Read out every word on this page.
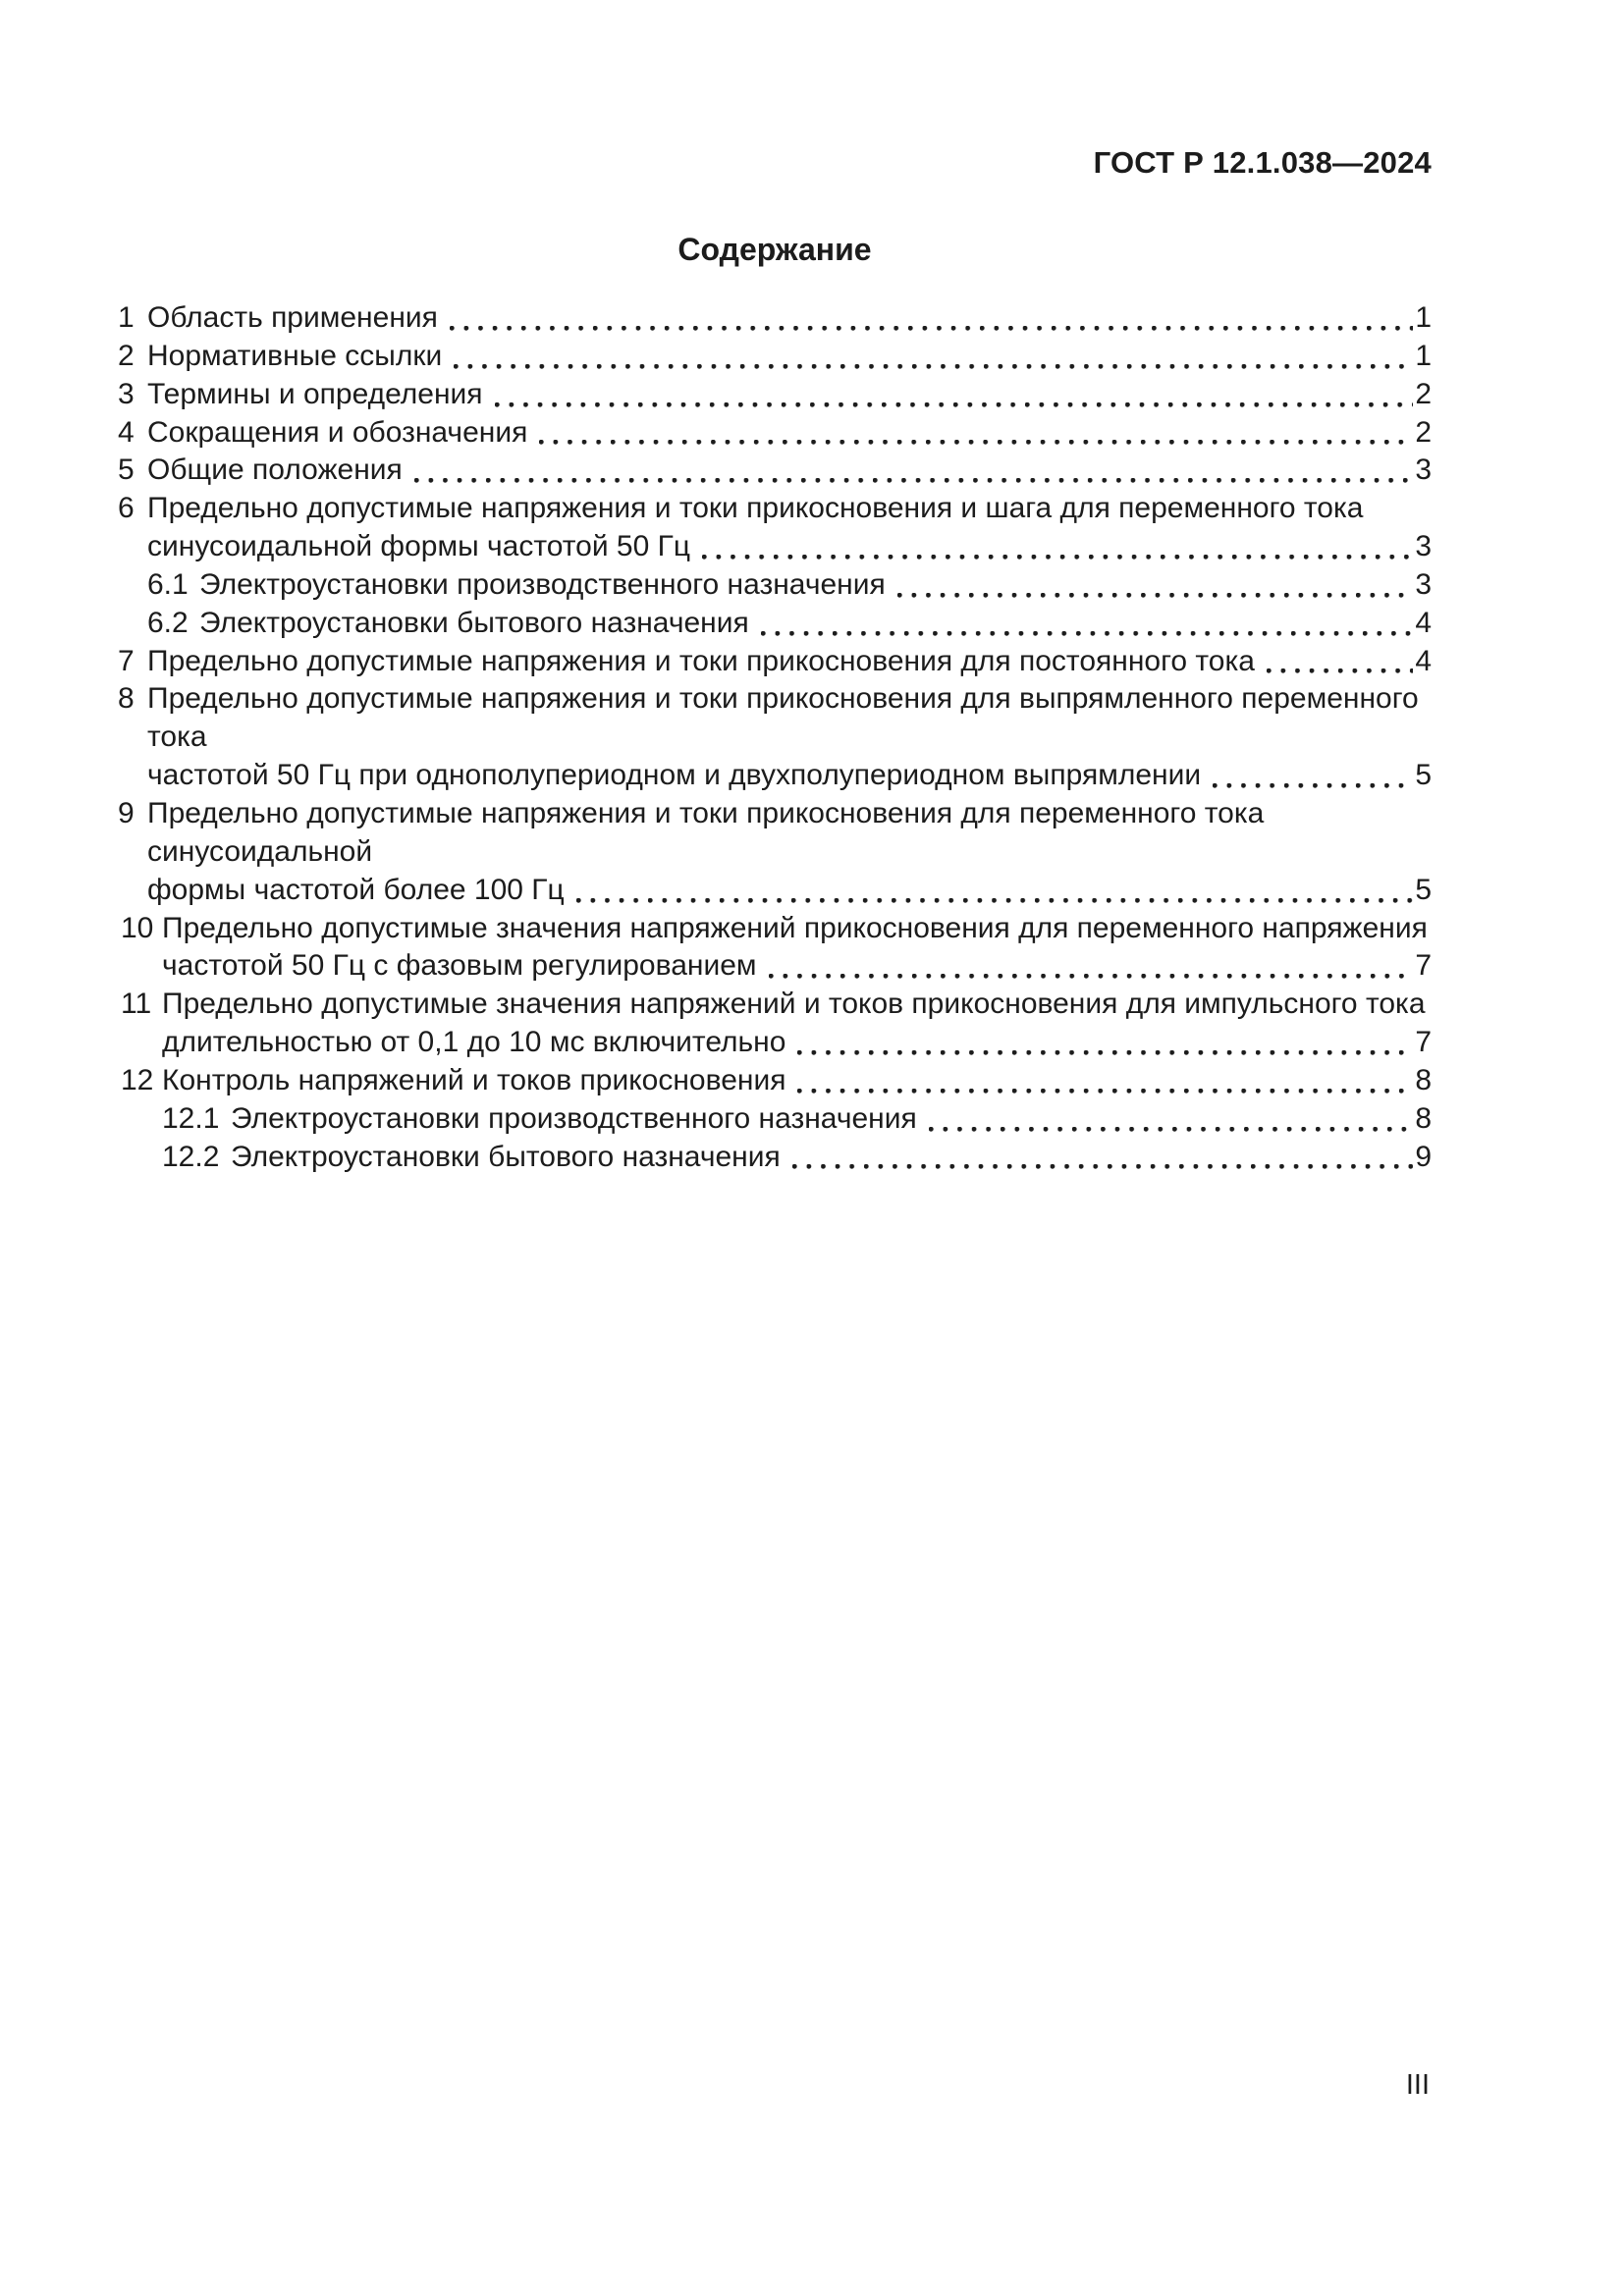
ГОСТ Р 12.1.038—2024
Содержание
1 Область применения	1
2 Нормативные ссылки	1
3 Термины и определения	2
4 Сокращения и обозначения	2
5 Общие положения	3
6 Предельно допустимые напряжения и токи прикосновения и шага для переменного тока
синусоидальной формы частотой 50 Гц	3
6.1 Электроустановки производственного назначения	3
6.2 Электроустановки бытового назначения	4
7 Предельно допустимые напряжения и токи прикосновения для постоянного тока	4
8 Предельно допустимые напряжения и токи прикосновения для выпрямленного переменного тока
частотой 50 Гц при однополупериодном и двухполупериодном выпрямлении	5
9 Предельно допустимые напряжения и токи прикосновения для переменного тока синусоидальной
формы частотой более 100 Гц	5
10 Предельно допустимые значения напряжений прикосновения для переменного напряжения
частотой 50 Гц с фазовым регулированием	7
11 Предельно допустимые значения напряжений и токов прикосновения для импульсного тока
длительностью от 0,1 до 10 мс включительно	7
12 Контроль напряжений и токов прикосновения	8
12.1 Электроустановки производственного назначения	8
12.2 Электроустановки бытового назначения	9
III
